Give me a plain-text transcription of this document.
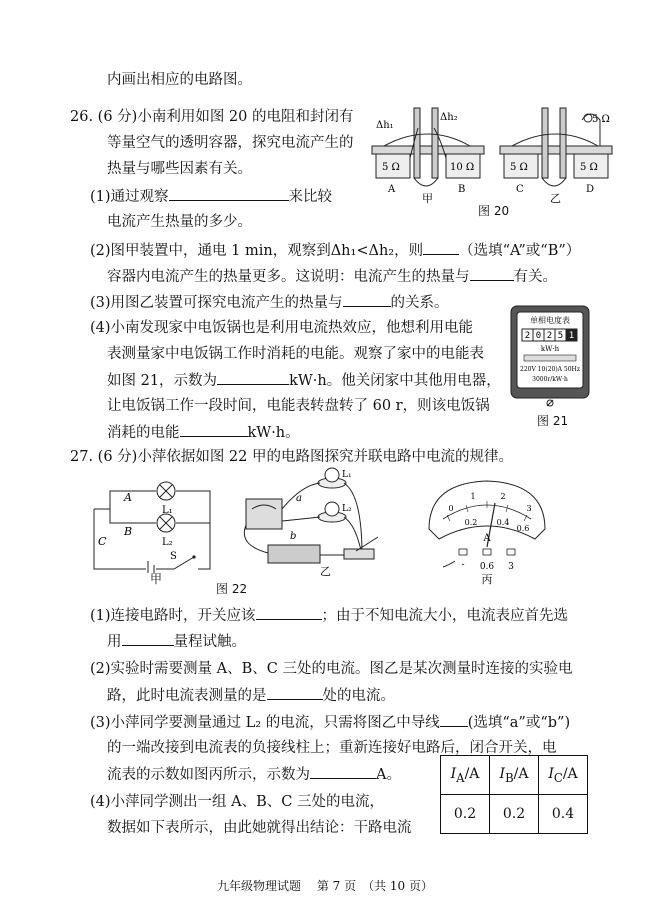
内画出相应的电路图。
26. (6 分)小南利用如图 20 的电阻和封闭有
等量空气的透明容器，探究电流产生的
热量与哪些因素有关。
(1)通过观察	来比较
电流产生热量的多少。
(2)图甲装置中，通电 1 min，观察到Δh₁<Δh₂，则 （选填“A”或“B”）
容器内电流产生的热量更多。这说明：电流产生的热量与	有关。
(3)用图乙装置可探究电流产生的热量与	的关系。
(4)小南发现家中电饭锅也是利用电流热效应，他想利用电能
表测量家中电饭锅工作时消耗的电能。观察了家中的电能表
如图 21，示数为	kW·h。他关闭家中其他用电器，
让电饭锅工作一段时间，电能表转盘转了 60 r，则该电饭锅
消耗的电能	kW·h。
27. (6 分)小萍依据如图 22 甲的电路图探究并联电路中电流的规律。
(1)连接电路时，开关应该	；由于不知电流大小，电流表应首先选
用	量程试触。
(2)实验时需要测量 A、B、C 三处的电流。图乙是某次测量时连接的实验电
路，此时电流表测量的是	处的电流。
(3)小萍同学要测量通过 L₂ 的电流，只需将图乙中导线 (选填“a”或“b”)
的一端改接到电流表的负接线柱上；重新连接好电路后，闭合开关，电
流表的示数如图丙所示，示数为	A。
(4)小萍同学测出一组 A、B、C 三处的电流，
数据如下表所示，由此她就得出结论：干路电流
Δh₁
Δh₂
5 Ω	10 Ω	5 Ω	5 Ω
5 Ω
A	B	C	D
甲	乙
图 20
单相电度表
2 0 2 5 1
kW·h
220V 10(20)A 50Hz
3000r/kW·h
图 21
A
B
C
L₁
L₂
S
甲
图 22
a
b
L₁
L₂
乙
0
1	2
3
0.2 0.4
0.6
A
- 0.6 3
丙
$I_A/A$	$I_B/A$	$I_C/A$
0.2	0.2	0.4
九年级物理试题　 第 7 页　（共 10 页）
